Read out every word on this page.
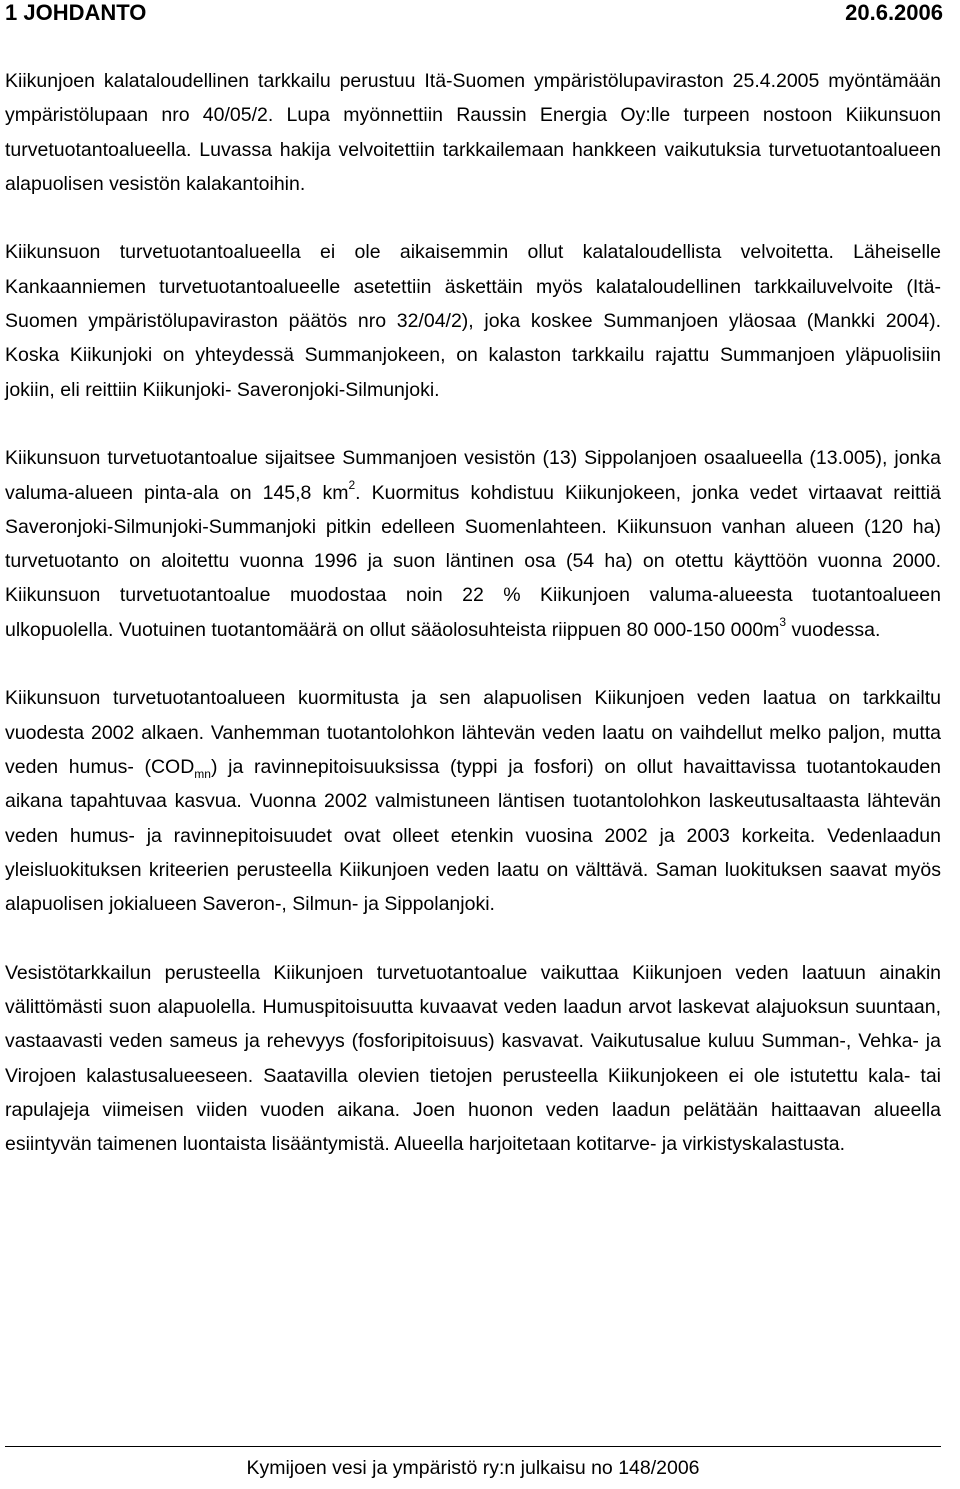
1 JOHDANTO	20.6.2006

Kiikunjoen kalataloudellinen tarkkailu perustuu Itä-Suomen ympäristölupaviraston 25.4.2005 myöntämään ympäristölupaan nro 40/05/2. Lupa myönnettiin Raussin Energia Oy:lle turpeen nostoon Kiikunsuon turvetuotantoalueella. Luvassa hakija velvoitettiin tarkkailemaan hankkeen vaikutuksia turvetuotantoalueen alapuolisen vesistön kalakantoihin.

Kiikunsuon turvetuotantoalueella ei ole aikaisemmin ollut kalataloudellista velvoitetta. Läheiselle Kankaanniemen turvetuotantoalueelle asetettiin äskettäin myös kalataloudellinen tarkkailuvelvoite (Itä-Suomen ympäristölupaviraston päätös nro 32/04/2), joka koskee Summanjoen yläosaa (Mankki 2004). Koska Kiikunjoki on yhteydessä Summanjokeen, on kalaston tarkkailu rajattu Summanjoen yläpuolisiin jokiin, eli reittiin Kiikunjoki- Saveronjoki-Silmunjoki.

Kiikunsuon turvetuotantoalue sijaitsee Summanjoen vesistön (13) Sippolanjoen osaalueella (13.005), jonka valuma-alueen pinta-ala on 145,8 $km^2$. Kuormitus kohdistuu Kiikunjokeen, jonka vedet virtaavat reittiä Saveronjoki-Silmunjoki-Summanjoki pitkin edelleen Suomenlahteen. Kiikunsuon vanhan alueen (120 ha) turvetuotanto on aloitettu vuonna 1996 ja suon läntinen osa (54 ha) on otettu käyttöön vuonna 2000. Kiikunsuon turvetuotantoalue muodostaa noin 22 % Kiikunjoen valuma-alueesta tuotantoalueen ulkopuolella. Vuotuinen tuotantomäärä on ollut sääolosuhteista riippuen 80 000-150 $000m^3$ vuodessa.

Kiikunsuon turvetuotantoalueen kuormitusta ja sen alapuolisen Kiikunjoen veden laatua on tarkkailtu vuodesta 2002 alkaen. Vanhemman tuotantolohkon lähtevän veden laatu on vaihdellut melko paljon, mutta veden humus- $(COD_{mn})$ ja ravinnepitoisuuksissa (typpi ja fosfori) on ollut havaittavissa tuotantokauden aikana tapahtuvaa kasvua. Vuonna 2002 valmistuneen läntisen tuotantolohkon laskeutusaltaasta lähtevän veden humus- ja ravinnepitoisuudet ovat olleet etenkin vuosina 2002 ja 2003 korkeita. Vedenlaadun yleisluokituksen kriteerien perusteella Kiikunjoen veden laatu on välttävä. Saman luokituksen saavat myös alapuolisen jokialueen Saveron-, Silmun- ja Sippolanjoki.

Vesistötarkkailun perusteella Kiikunjoen turvetuotantoalue vaikuttaa Kiikunjoen veden laatuun ainakin välittömästi suon alapuolella. Humuspitoisuutta kuvaavat veden laadun arvot laskevat alajuoksun suuntaan, vastaavasti veden sameus ja rehevyys (fosforipitoisuus) kasvavat. Vaikutusalue kuluu Summan-, Vehka- ja Virojoen kalastusalueeseen. Saatavilla olevien tietojen perusteella Kiikunjokeen ei ole istutettu kala- tai rapulajeja viimeisen viiden vuoden aikana. Joen huonon veden laadun pelätään haittaavan alueella esiintyvän taimenen luontaista lisääntymistä. Alueella harjoitetaan kotitarve- ja virkistyskalastusta.

Kymijoen vesi ja ympäristö ry:n julkaisu no 148/2006
